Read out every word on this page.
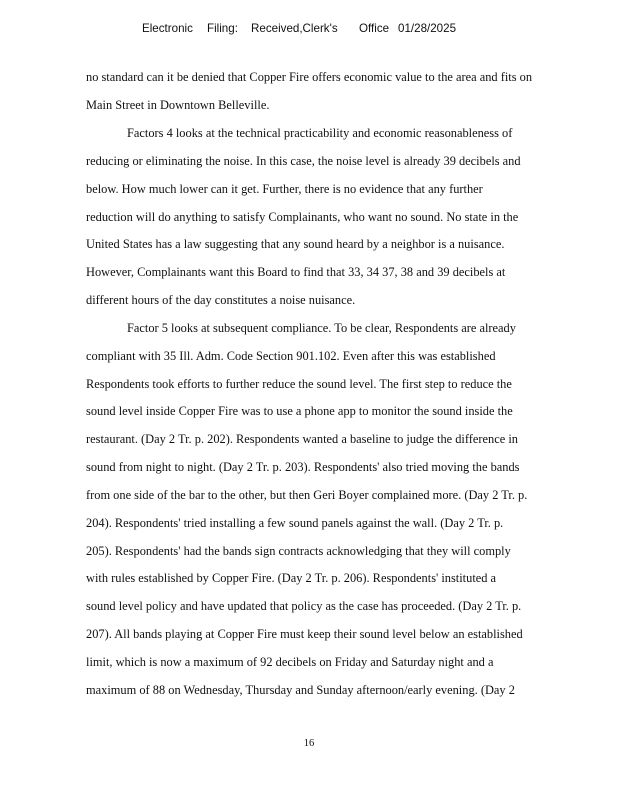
Electronic Filing: Received,Clerk's Office 01/28/2025
no standard can it be denied that Copper Fire offers economic value to the area and fits on
Main Street in Downtown Belleville.
Factors 4 looks at the technical practicability and economic reasonableness of
reducing or eliminating the noise. In this case, the noise level is already 39 decibels and
below. How much lower can it get. Further, there is no evidence that any further
reduction will do anything to satisfy Complainants, who want no sound. No state in the
United States has a law suggesting that any sound heard by a neighbor is a nuisance.
However, Complainants want this Board to find that 33, 34 37, 38 and 39 decibels at
different hours of the day constitutes a noise nuisance.
Factor 5 looks at subsequent compliance. To be clear, Respondents are already
compliant with 35 Ill. Adm. Code Section 901.102. Even after this was established
Respondents took efforts to further reduce the sound level. The first step to reduce the
sound level inside Copper Fire was to use a phone app to monitor the sound inside the
restaurant. (Day 2 Tr. p. 202). Respondents wanted a baseline to judge the difference in
sound from night to night. (Day 2 Tr. p. 203). Respondents' also tried moving the bands
from one side of the bar to the other, but then Geri Boyer complained more. (Day 2 Tr. p.
204). Respondents' tried installing a few sound panels against the wall. (Day 2 Tr. p.
205). Respondents' had the bands sign contracts acknowledging that they will comply
with rules established by Copper Fire. (Day 2 Tr. p. 206). Respondents' instituted a
sound level policy and have updated that policy as the case has proceeded. (Day 2 Tr. p.
207). All bands playing at Copper Fire must keep their sound level below an established
limit, which is now a maximum of 92 decibels on Friday and Saturday night and a
maximum of 88 on Wednesday, Thursday and Sunday afternoon/early evening. (Day 2
16
